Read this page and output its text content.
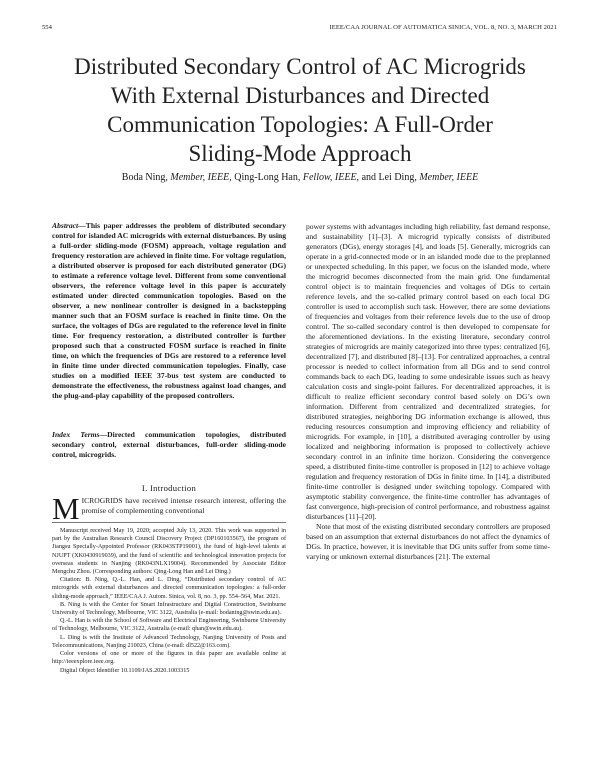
554	IEEE/CAA JOURNAL OF AUTOMATICA SINICA, VOL. 8, NO. 3, MARCH 2021
Distributed Secondary Control of AC Microgrids
With External Disturbances and Directed
Communication Topologies: A Full-Order
Sliding-Mode Approach
Boda Ning, Member, IEEE, Qing-Long Han, Fellow, IEEE, and Lei Ding, Member, IEEE
Abstract—This paper addresses the problem of distributed secondary control for islanded AC microgrids with external disturbances. By using a full-order sliding-mode (FOSM) approach, voltage regulation and frequency restoration are achieved in finite time. For voltage regulation, a distributed observer is proposed for each distributed generator (DG) to estimate a reference voltage level. Different from some conventional observers, the reference voltage level in this paper is accurately estimated under directed communication topologies. Based on the observer, a new nonlinear controller is designed in a backstepping manner such that an FOSM surface is reached in finite time. On the surface, the voltages of DGs are regulated to the reference level in finite time. For frequency restoration, a distributed controller is further proposed such that a constructed FOSM surface is reached in finite time, on which the frequencies of DGs are restored to a reference level in finite time under directed communication topologies. Finally, case studies on a modified IEEE 37-bus test system are conducted to demonstrate the effectiveness, the robustness against load changes, and the plug-and-play capability of the proposed controllers.
Index Terms—Directed communication topologies, distributed secondary control, external disturbances, full-order sliding-mode control, microgrids.
I. Introduction
MICROGRIDS have received intense research interest, offering the promise of complementing conventional

Manuscript received May 19, 2020; accepted July 13, 2020. This work was supported in part by the Australian Research Council Discovery Project (DP160103567), the program of Jiangsu Specially-Appointed Professor (RK043STP19001), the fund of high-level talents at NJUPT (XK0430919039), and the fund of scientific and technological innovation projects for overseas students in Nanjing (RK043NLX19004). Recommended by Associate Editor Mengchu Zhou. (Corresponding authors: Qing-Long Han and Lei Ding.)

Citation: B. Ning, Q.-L. Han, and L. Ding, “Distributed secondary control of AC microgrids with external disturbances and directed communication topologies: a full-order sliding-mode approach,” IEEE/CAA J. Autom. Sinica, vol. 8, no. 3, pp. 554–564, Mar. 2021.

B. Ning is with the Center for Smart Infrastructure and Digital Construction, Swinburne University of Technology, Melbourne, VIC 3122, Australia (e-mail: bodaning@swin.edu.au).

Q.-L. Han is with the School of Software and Electrical Engineering, Swinburne University of Technology, Melbourne, VIC 3122, Australia (e-mail: qhan@swin.edu.au).

L. Ding is with the Institute of Advanced Technology, Nanjing University of Posts and Telecommunications, Nanjing 210023, China (e-mail: dl522@163.com).

Color versions of one or more of the figures in this paper are available online at http://ieeexplore.ieee.org.

Digital Object Identifier 10.1109/JAS.2020.1003315

power systems with advantages including high reliability, fast demand response, and sustainability [1]–[3]. A microgrid typically consists of distributed generators (DGs), energy storages [4], and loads [5]. Generally, microgrids can operate in a grid-connected mode or in an islanded mode due to the preplanned or unexpected scheduling. In this paper, we focus on the islanded mode, where the microgrid becomes disconnected from the main grid. One fundamental control object is to maintain frequencies and voltages of DGs to certain reference levels, and the so-called primary control based on each local DG controller is used to accomplish such task. However, there are some deviations of frequencies and voltages from their reference levels due to the use of droop control. The so-called secondary control is then developed to compensate for the aforementioned deviations. In the existing literature, secondary control strategies of microgrids are mainly categorized into three types: centralized [6], decentralized [7], and distributed [8]–[13]. For centralized approaches, a central processor is needed to collect information from all DGs and to send control commands back to each DG, leading to some undesirable issues such as heavy calculation costs and single-point failures. For decentralized approaches, it is difficult to realize efficient secondary control based solely on DG’s own information. Different from centralized and decentralized strategies, for distributed strategies, neighboring DG information exchange is allowed, thus reducing resources consumption and improving efficiency and reliability of microgrids. For example, in [10], a distributed averaging controller by using localized and neighboring information is proposed to collectively achieve secondary control in an infinite time horizon. Considering the convergence speed, a distributed finite-time controller is proposed in [12] to achieve voltage regulation and frequency restoration of DGs in finite time. In [14], a distributed finite-time controller is designed under switching topology. Compared with asymptotic stability convergence, the finite-time controller has advantages of fast convergence, high-precision of control performance, and robustness against disturbances [11]–[20].

Note that most of the existing distributed secondary controllers are proposed based on an assumption that external disturbances do not affect the dynamics of DGs. In practice, however, it is inevitable that DG units suffer from some time-varying or unknown external disturbances [21]. The external
